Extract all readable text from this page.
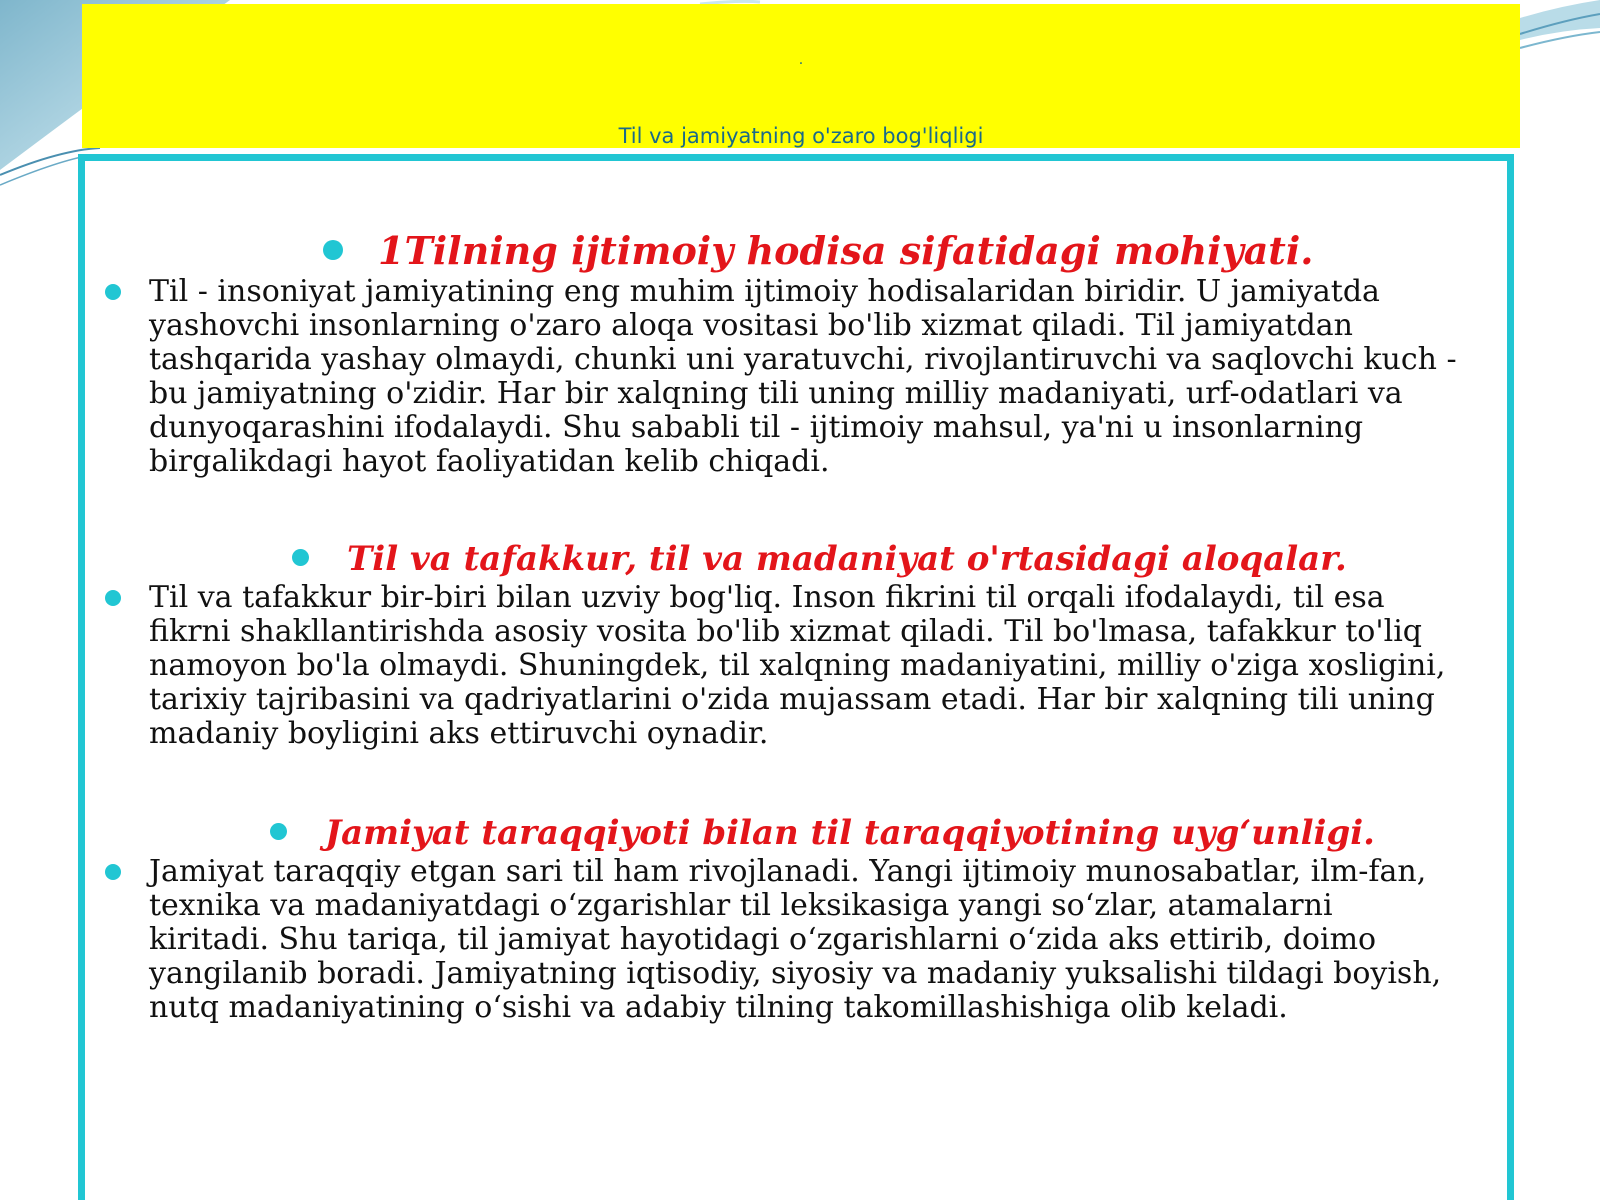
.
Til va jamiyatning o'zaro bog'liqligi
1Tilning ijtimoiy hodisa sifatidagi mohiyati.
Til - insoniyat jamiyatining eng muhim ijtimoiy hodisalaridan biridir. U jamiyatda yashovchi insonlarning o'zaro aloqa vositasi bo'lib xizmat qiladi. Til jamiyatdan tashqarida yashay olmaydi, chunki uni yaratuvchi, rivojlantiruvchi va saqlovchi kuch - bu jamiyatning o'zidir. Har bir xalqning tili uning milliy madaniyati, urf-odatlari va dunyoqarashini ifodalaydi. Shu sababli til - ijtimoiy mahsul, ya'ni u insonlarning birgalikdagi hayot faoliyatidan kelib chiqadi.
Til va tafakkur, til va madaniyat o'rtasidagi aloqalar.
Til va tafakkur bir-biri bilan uzviy bog'liq. Inson fikrini til orqali ifodalaydi, til esa fikrni shakllantirishda asosiy vosita bo'lib xizmat qiladi. Til bo'lmasa, tafakkur to'liq namoyon bo'la olmaydi. Shuningdek, til xalqning madaniyatini, milliy o'ziga xosligini, tarixiy tajribasini va qadriyatlarini o'zida mujassam etadi. Har bir xalqning tili uning madaniy boyligini aks ettiruvchi oynadir.
Jamiyat taraqqiyoti bilan til taraqqiyotining uyg‘unligi.
Jamiyat taraqqiy etgan sari til ham rivojlanadi. Yangi ijtimoiy munosabatlar, ilm-fan, texnika va madaniyatdagi o‘zgarishlar til leksikasiga yangi so‘zlar, atamalarni kiritadi. Shu tariqa, til jamiyat hayotidagi o‘zgarishlarni o‘zida aks ettirib, doimo yangilanib boradi. Jamiyatning iqtisodiy, siyosiy va madaniy yuksalishi tildagi boyish, nutq madaniyatining o‘sishi va adabiy tilning takomillashishiga olib keladi.
